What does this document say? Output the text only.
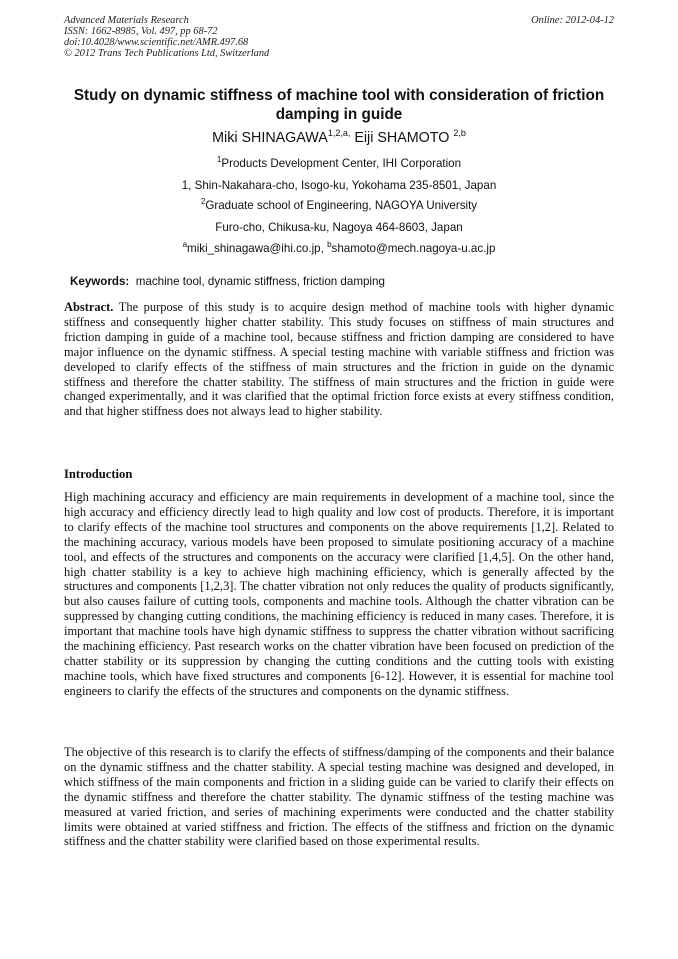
Advanced Materials Research
ISSN: 1662-8985, Vol. 497, pp 68-72
doi:10.4028/www.scientific.net/AMR.497.68
© 2012 Trans Tech Publications Ltd, Switzerland
Online: 2012-04-12
Study on dynamic stiffness of machine tool with consideration of friction damping in guide
Miki $SHINAGAWA^{1,2,a,}$ Eiji SHAMOTO $^{2,b}$
$^1$Products Development Center, IHI Corporation
1, Shin-Nakahara-cho, Isogo-ku, Yokohama 235-8501, Japan
$^2$Graduate school of Engineering, NAGOYA University
Furo-cho, Chikusa-ku, Nagoya 464-8603, Japan
$^a$miki_shinagawa@ihi.co.jp, $^b$shamoto@mech.nagoya-u.ac.jp
Keywords: machine tool, dynamic stiffness, friction damping
Abstract. The purpose of this study is to acquire design method of machine tools with higher dynamic stiffness and consequently higher chatter stability. This study focuses on stiffness of main structures and friction damping in guide of a machine tool, because stiffness and friction damping are considered to have major influence on the dynamic stiffness. A special testing machine with variable stiffness and friction was developed to clarify effects of the stiffness of main structures and the friction in guide on the dynamic stiffness and therefore the chatter stability. The stiffness of main structures and the friction in guide were changed experimentally, and it was clarified that the optimal friction force exists at every stiffness condition, and that higher stiffness does not always lead to higher stability.
Introduction
High machining accuracy and efficiency are main requirements in development of a machine tool, since the high accuracy and efficiency directly lead to high quality and low cost of products. Therefore, it is important to clarify effects of the machine tool structures and components on the above requirements [1,2]. Related to the machining accuracy, various models have been proposed to simulate positioning accuracy of a machine tool, and effects of the structures and components on the accuracy were clarified [1,4,5]. On the other hand, high chatter stability is a key to achieve high machining efficiency, which is generally affected by the structures and components [1,2,3]. The chatter vibration not only reduces the quality of products significantly, but also causes failure of cutting tools, components and machine tools. Although the chatter vibration can be suppressed by changing cutting conditions, the machining efficiency is reduced in many cases. Therefore, it is important that machine tools have high dynamic stiffness to suppress the chatter vibration without sacrificing the machining efficiency. Past research works on the chatter vibration have been focused on prediction of the chatter stability or its suppression by changing the cutting conditions and the cutting tools with existing machine tools, which have fixed structures and components [6-12]. However, it is essential for machine tool engineers to clarify the effects of the structures and components on the dynamic stiffness.
The objective of this research is to clarify the effects of stiffness/damping of the components and their balance on the dynamic stiffness and the chatter stability. A special testing machine was designed and developed, in which stiffness of the main components and friction in a sliding guide can be varied to clarify their effects on the dynamic stiffness and therefore the chatter stability. The dynamic stiffness of the testing machine was measured at varied friction, and series of machining experiments were conducted and the chatter stability limits were obtained at varied stiffness and friction. The effects of the stiffness and friction on the dynamic stiffness and the chatter stability were clarified based on those experimental results.
